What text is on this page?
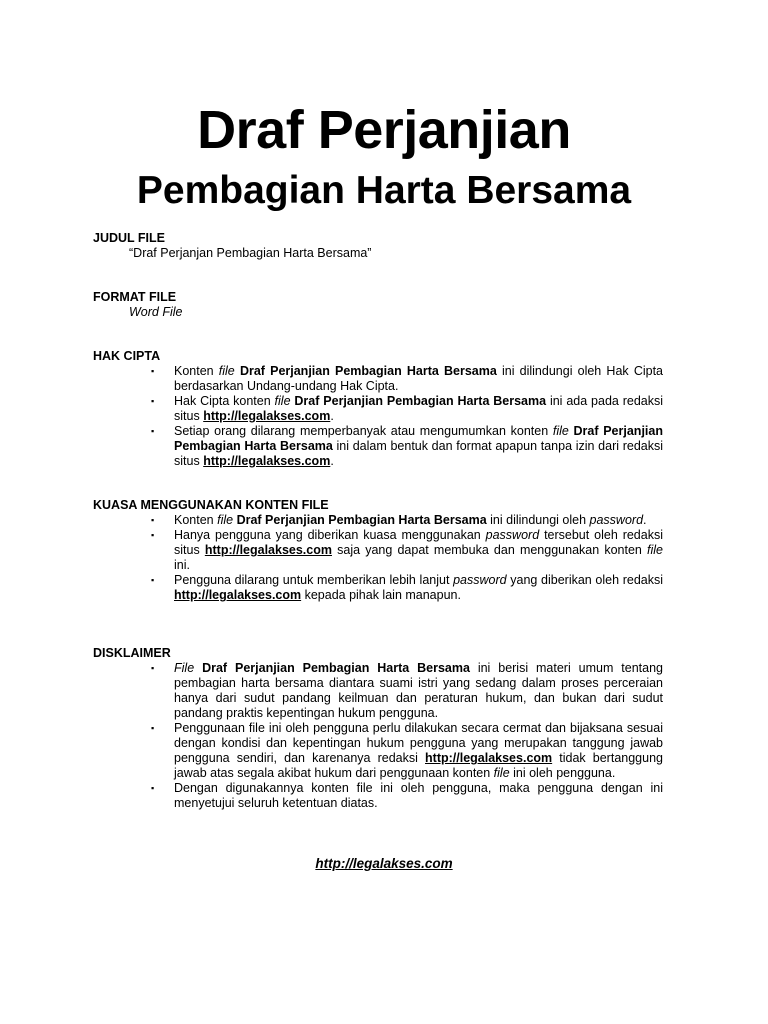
Draf Perjanjian
Pembagian Harta Bersama
JUDUL FILE
“Draf Perjanjan Pembagian Harta Bersama”
FORMAT FILE
Word File
HAK CIPTA
▪ Konten file Draf Perjanjian Pembagian Harta Bersama ini dilindungi oleh Hak Cipta berdasarkan Undang-undang Hak Cipta.
▪ Hak Cipta konten file Draf Perjanjian Pembagian Harta Bersama ini ada pada redaksi situs http://legalakses.com.
▪ Setiap orang dilarang memperbanyak atau mengumumkan konten file Draf Perjanjian Pembagian Harta Bersama ini dalam bentuk dan format apapun tanpa izin dari redaksi situs http://legalakses.com.
KUASA MENGGUNAKAN KONTEN FILE
▪ Konten file Draf Perjanjian Pembagian Harta Bersama ini dilindungi oleh password.
▪ Hanya pengguna yang diberikan kuasa menggunakan password tersebut oleh redaksi situs http://legalakses.com saja yang dapat membuka dan menggunakan konten file ini.
▪ Pengguna dilarang untuk memberikan lebih lanjut password yang diberikan oleh redaksi http://legalakses.com kepada pihak lain manapun.
DISKLAIMER
▪ File Draf Perjanjian Pembagian Harta Bersama ini berisi materi umum tentang pembagian harta bersama diantara suami istri yang sedang dalam proses perceraian hanya dari sudut pandang keilmuan dan peraturan hukum, dan bukan dari sudut pandang praktis kepentingan hukum pengguna.
▪ Penggunaan file ini oleh pengguna perlu dilakukan secara cermat dan bijaksana sesuai dengan kondisi dan kepentingan hukum pengguna yang merupakan tanggung jawab pengguna sendiri, dan karenanya redaksi http://legalakses.com tidak bertanggung jawab atas segala akibat hukum dari penggunaan konten file ini oleh pengguna.
▪ Dengan digunakannya konten file ini oleh pengguna, maka pengguna dengan ini menyetujui seluruh ketentuan diatas.
http://legalakses.com
